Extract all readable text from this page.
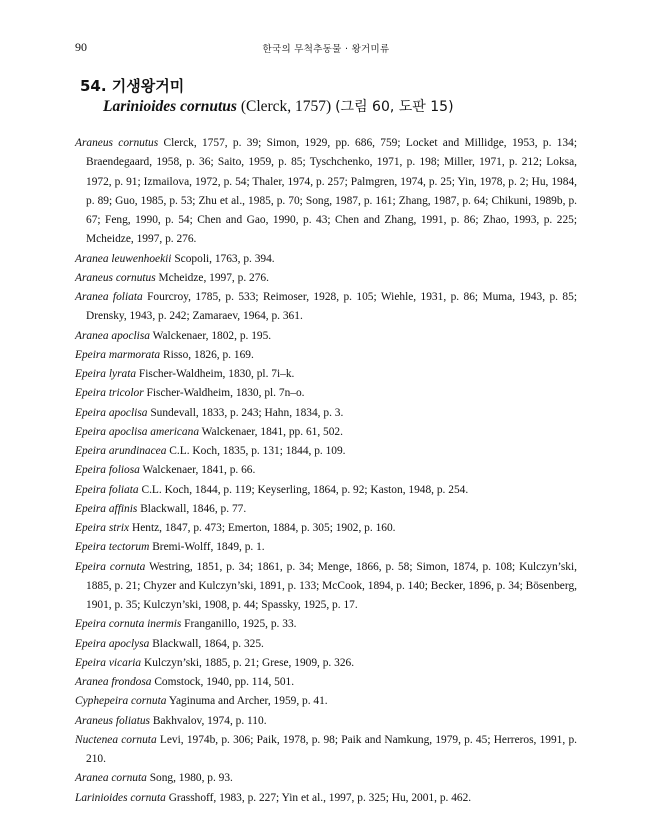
90	한국의 무척추동물 · 왕거미류
54. 기생왕거미
Larinioides cornutus (Clerck, 1757) (그림 60, 도판 15)
Araneus cornutus Clerck, 1757, p. 39; Simon, 1929, pp. 686, 759; Locket and Millidge, 1953, p. 134; Braendegaard, 1958, p. 36; Saito, 1959, p. 85; Tyschchenko, 1971, p. 198; Miller, 1971, p. 212; Loksa, 1972, p. 91; Izmailova, 1972, p. 54; Thaler, 1974, p. 257; Palmgren, 1974, p. 25; Yin, 1978, p. 2; Hu, 1984, p. 89; Guo, 1985, p. 53; Zhu et al., 1985, p. 70; Song, 1987, p. 161; Zhang, 1987, p. 64; Chikuni, 1989b, p. 67; Feng, 1990, p. 54; Chen and Gao, 1990, p. 43; Chen and Zhang, 1991, p. 86; Zhao, 1993, p. 225; Mcheidze, 1997, p. 276.
Aranea leuwenhoekii Scopoli, 1763, p. 394.
Araneus cornutus Mcheidze, 1997, p. 276.
Aranea foliata Fourcroy, 1785, p. 533; Reimoser, 1928, p. 105; Wiehle, 1931, p. 86; Muma, 1943, p. 85; Drensky, 1943, p. 242; Zamaraev, 1964, p. 361.
Aranea apoclisa Walckenaer, 1802, p. 195.
Epeira marmorata Risso, 1826, p. 169.
Epeira lyrata Fischer-Waldheim, 1830, pl. 7i–k.
Epeira tricolor Fischer-Waldheim, 1830, pl. 7n–o.
Epeira apoclisa Sundevall, 1833, p. 243; Hahn, 1834, p. 3.
Epeira apoclisa americana Walckenaer, 1841, pp. 61, 502.
Epeira arundinacea C.L. Koch, 1835, p. 131; 1844, p. 109.
Epeira foliosa Walckenaer, 1841, p. 66.
Epeira foliata C.L. Koch, 1844, p. 119; Keyserling, 1864, p. 92; Kaston, 1948, p. 254.
Epeira affinis Blackwall, 1846, p. 77.
Epeira strix Hentz, 1847, p. 473; Emerton, 1884, p. 305; 1902, p. 160.
Epeira tectorum Bremi-Wolff, 1849, p. 1.
Epeira cornuta Westring, 1851, p. 34; 1861, p. 34; Menge, 1866, p. 58; Simon, 1874, p. 108; Kulczyn’ski, 1885, p. 21; Chyzer and Kulczyn’ski, 1891, p. 133; McCook, 1894, p. 140; Becker, 1896, p. 34; Bösenberg, 1901, p. 35; Kulczyn’ski, 1908, p. 44; Spassky, 1925, p. 17.
Epeira cornuta inermis Franganillo, 1925, p. 33.
Epeira apoclysa Blackwall, 1864, p. 325.
Epeira vicaria Kulczyn’ski, 1885, p. 21; Grese, 1909, p. 326.
Aranea frondosa Comstock, 1940, pp. 114, 501.
Cyphepeira cornuta Yaginuma and Archer, 1959, p. 41.
Araneus foliatus Bakhvalov, 1974, p. 110.
Nuctenea cornuta Levi, 1974b, p. 306; Paik, 1978, p. 98; Paik and Namkung, 1979, p. 45; Herreros, 1991, p. 210.
Aranea cornuta Song, 1980, p. 93.
Larinioides cornuta Grasshoff, 1983, p. 227; Yin et al., 1997, p. 325; Hu, 2001, p. 462.
